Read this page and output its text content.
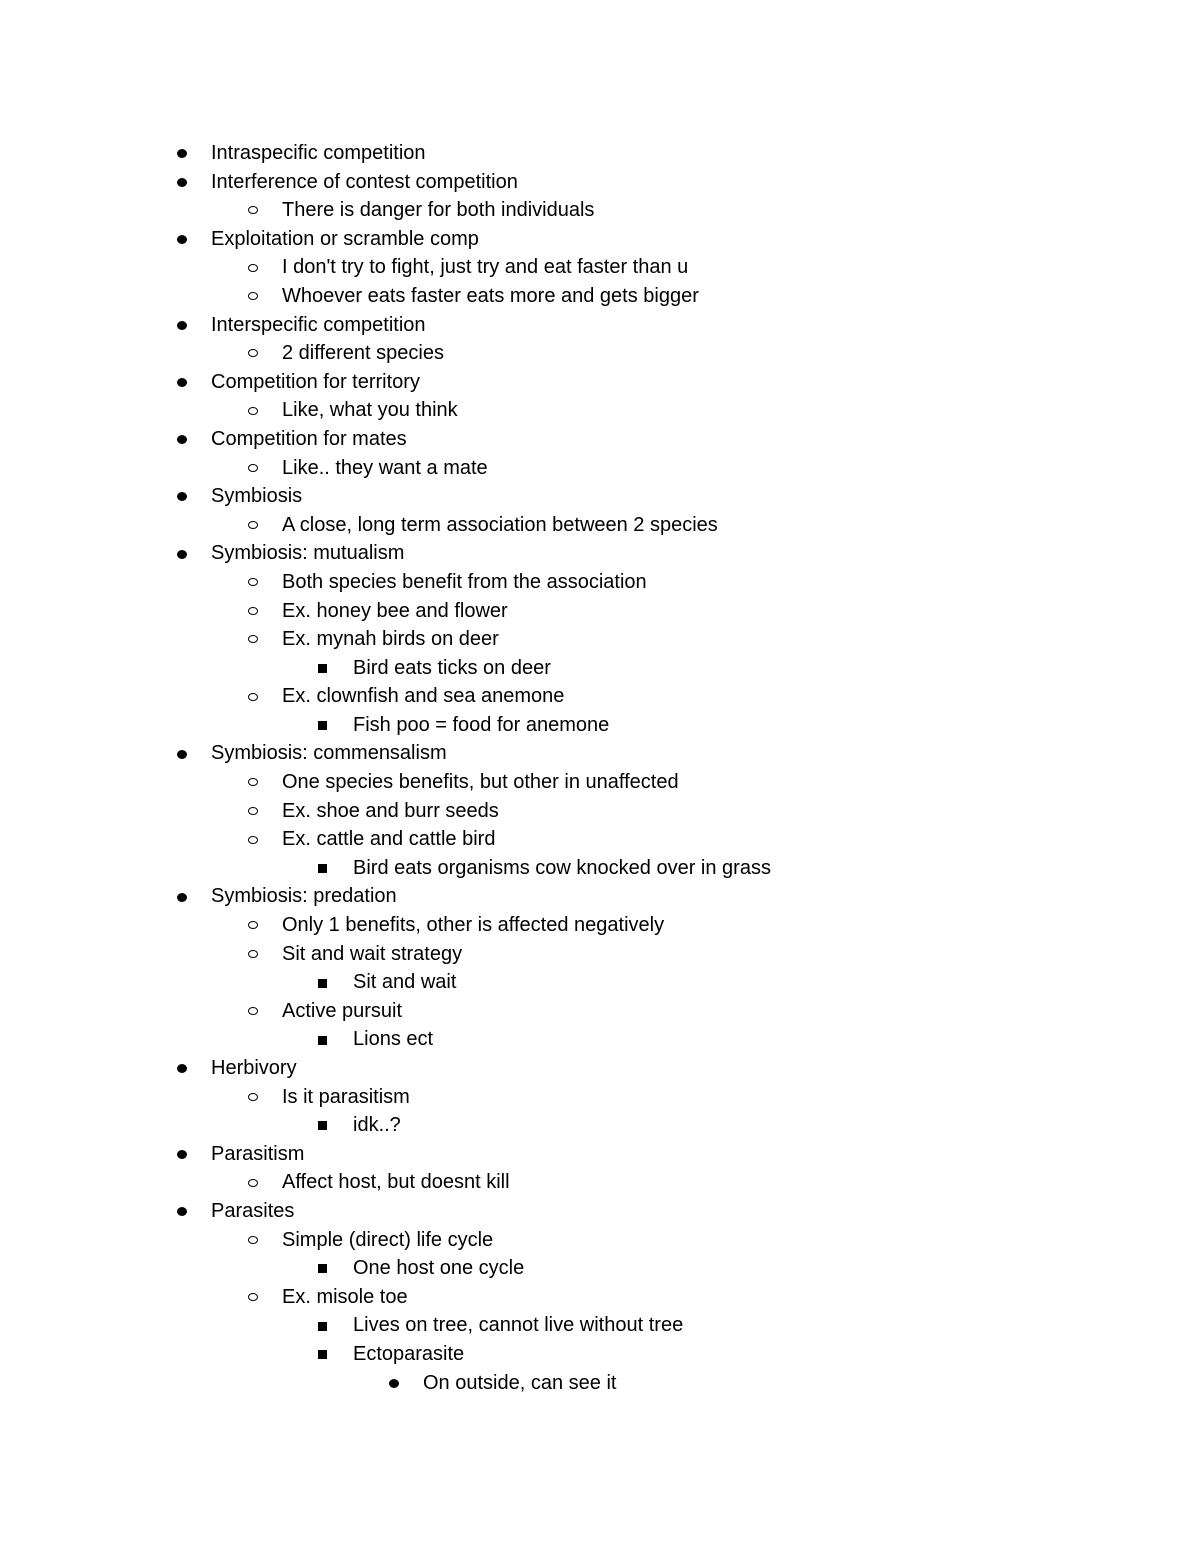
Intraspecific competition
Interference of contest competition
There is danger for both individuals
Exploitation or scramble comp
I don't try to fight, just try and eat faster than u
Whoever eats faster eats more and gets bigger
Interspecific competition
2 different species
Competition for territory
Like, what you think
Competition for mates
Like.. they want a mate
Symbiosis
A close, long term association between 2 species
Symbiosis: mutualism
Both species benefit from the association
Ex. honey bee and flower
Ex. mynah birds on deer
Bird eats ticks on deer
Ex. clownfish and sea anemone
Fish poo = food for anemone
Symbiosis: commensalism
One species benefits, but other in unaffected
Ex. shoe and burr seeds
Ex. cattle and cattle bird
Bird eats organisms cow knocked over in grass
Symbiosis: predation
Only 1 benefits, other is affected negatively
Sit and wait strategy
Sit and wait
Active pursuit
Lions ect
Herbivory
Is it parasitism
idk..?
Parasitism
Affect host, but doesnt kill
Parasites
Simple (direct) life cycle
One host one cycle
Ex. misole toe
Lives on tree, cannot live without tree
Ectoparasite
On outside, can see it
